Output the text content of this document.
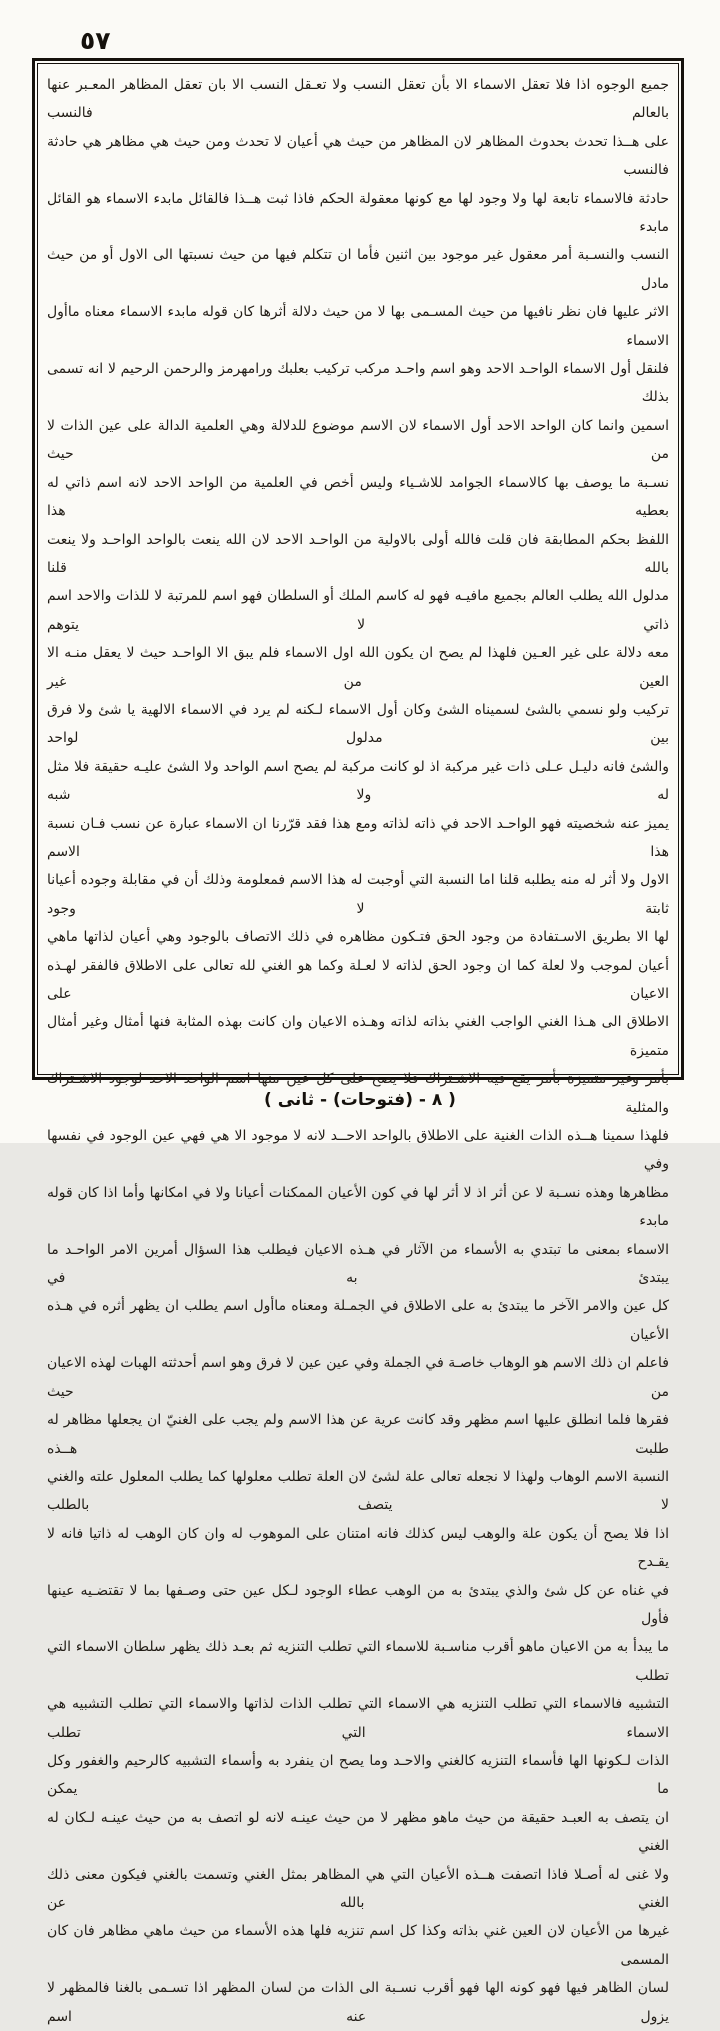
٥٧

جميع الوجوه اذا فلا تعقل الاسماء الا بأن تعقل النسب ولا تعـقل النسب الا بان تعقل المظاهر المعـبر عنها بالعالم فالنسب

على هــذا تحدث بحدوث المظاهر لان المظاهر من حيث هي أعيان لا تحدث ومن حيث هي مظاهر هي حادثة فالنسب

حادثة فالاسماء تابعة لها ولا وجود لها مع كونها معقولة الحكم فاذا ثبت هــذا فالقائل مابدء الاسماء هو القائل مابدء

النسب والنسـبة أمر معقول غير موجود بين اثنين فأما ان تتكلم فيها من حيث نسبتها الى الاول أو من حيث مادل

الاثر عليها فان نظر نافيها من حيث المسـمى بها لا من حيث دلالة أثرها كان قوله مابدء الاسماء معناه ماأول الاسماء

فلنقل أول الاسماء الواحـد الاحد وهو اسم واحـد مركب تركيب بعلبك ورامهرمز والرحمن الرحيم لا انه تسمى بذلك

اسمين وانما كان الواحد الاحد أول الاسماء لان الاسم موضوع للدلالة وهي العلمية الدالة على عين الذات لا من حيث

نسـبة ما يوصف بها كالاسماء الجوامد للاشـياء وليس أخص في العلمية من الواحد الاحد لانه اسم ذاتي له بعطيه هذا

اللفظ بحكم المطابقة فان قلت فالله أولى بالاولية من الواحـد الاحد لان الله ينعت بالواحد الواحـد ولا ينعت بالله قلنا

مدلول الله يطلب العالم بجميع مافيـه فهو له كاسم الملك أو السلطان فهو اسم للمرتبة لا للذات والاحد اسم ذاتي لا يتوهم

معه دلالة على غير العـين فلهذا لم يصح ان يكون الله اول الاسماء فلم يبق الا الواحـد حيث لا يعقل منـه الا العين من غير

تركيب ولو نسمي بالشئ لسميناه الشئ وكان أول الاسماء لـكنه لم يرد في الاسماء الالهية يا شئ ولا فرق بين مدلول لواحد

والشئ فانه دليـل عـلى ذات غير مركبة اذ لو كانت مركبة لم يصح اسم الواحد ولا الشئ عليـه حقيقة فلا مثل له ولا شبه

يميز عنه شخصيته فهو الواحـد الاحد في ذاته لذاته ومع هذا فقد قرّرنا ان الاسماء عبارة عن نسب فـان نسبة هذا الاسم

الاول ولا أثر له منه يطلبه قلنا اما النسبة التي أوجبت له هذا الاسم فمعلومة وذلك أن في مقابلة وجوده أعيانا ثابتة لا وجود

لها الا بطريق الاسـتفادة من وجود الحق فتـكون مظاهره في ذلك الاتصاف بالوجود وهي أعيان لذاتها ماهي

أعيان لموجب ولا لعلة كما ان وجود الحق لذاته لا لعـلة وكما هو الغني لله تعالى على الاطلاق فالفقر لهـذه الاعيان على

الاطلاق الى هـذا الغني الواجب الغني بذاته لذاته وهـذه الاعيان وان كانت بهذه المثابة فنها أمثال وغير أمثال متميزة

بأمر وغير متميزة بأمر يقع فيه الاشـتراك فلا يصح على كل عين منها اسم الواحد الاحد لوجود الاشـتراك والمثلية

فلهذا سمينا هــذه الذات الغنية على الاطلاق بالواحد الاحــد لانه لا موجود الا هي فهي عين الوجود في نفسها وفي

مظاهرها وهذه نسـبة لا عن أثر اذ لا أثر لها في كون الأعيان الممكنات أعيانا ولا في امكانها وأما اذا كان قوله مابدء

الاسماء بمعنى ما تبتدي به الأسماء من الآثار في هـذه الاعيان فيطلب هذا السؤال أمرين الامر الواحـد ما يبتدئ به في

كل عين والامر الآخر ما يبتدئ به على الاطلاق في الجمـلة ومعناه ماأول اسم يطلب ان يظهر أثره في هـذه الأعيان

فاعلم ان ذلك الاسم هو الوهاب خاصـة في الجملة وفي عين عين لا فرق وهو اسم أحدثته الهبات لهذه الاعيان من حيث

فقرها فلما انطلق عليها اسم مظهر وقد كانت عرية عن هذا الاسم ولم يجب على الغنيّ ان يجعلها مظاهر له طلبت هــذه

النسبة الاسم الوهاب ولهذا لا نجعله تعالى علة لشئ لان العلة تطلب معلولها كما يطلب المعلول علته والغني لا يتصف بالطلب

اذا فلا يصح أن يكون علة والوهب ليس كذلك فانه امتنان على الموهوب له وان كان الوهب له ذاتيا فانه لا يقـدح

في غناه عن كل شئ والذي يبتدئ به من الوهب عطاء الوجود لـكل عين حتى وصـفها بما لا تقتضـيه عينها فأول

ما يبدأ به من الاعيان ماهو أقرب مناسـبة للاسماء التي تطلب التنزيه ثم بعـد ذلك يظهر سلطان الاسماء التي تطلب

التشبيه فالاسماء التي تطلب التنزيه هي الاسماء التي تطلب الذات لذاتها والاسماء التي تطلب التشبيه هي الاسماء التي تطلب

الذات لـكونها الها فأسماء التنزيه كالغني والاحـد وما يصح ان ينفرد به وأسماء التشبيه كالرحيم والغفور وكل ما يمكن

ان يتصف به العبـد حقيقة من حيث ماهو مظهر لا من حيث عينـه لانه لو اتصف به من حيث عينـه لـكان له الغني

ولا غنى له أصـلا فاذا اتصفت هــذه الأعيان التي هي المظاهر بمثل الغني وتسمت بالغني فيكون معنى ذلك الغني بالله عن

غيرها من الأعيان لان العين غني بذاته وكذا كل اسم تنزيه فلها هذه الأسماء من حيث ماهي مظاهر فان كان المسمى

لسان الظاهر فيها فهو كونه الها فهو أقرب نسـبة الى الذات من لسان المظهر اذا تسـمى بالغنا فالمظهر لا يزول عنه اسم

( ٨ - (فتوحات) - ثانى )
